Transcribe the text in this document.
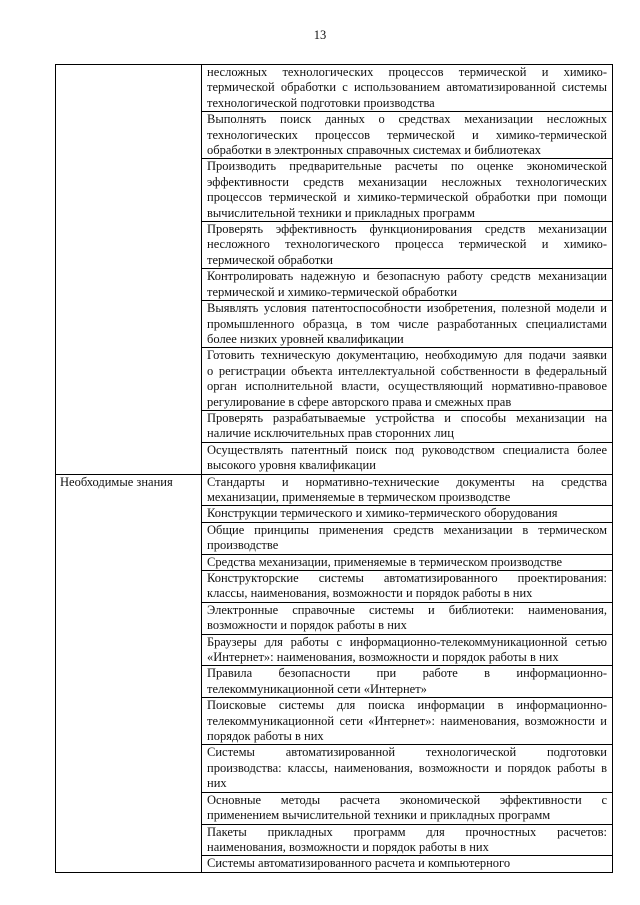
13

	несложных технологических процессов термической и химико-
термической обработки с использованием автоматизированной системы
технологической подготовки производства

	Выполнять поиск данных о средствах механизации несложных
технологических процессов термической и химико-термической
обработки в электронных справочных системах и библиотеках

	Производить предварительные расчеты по оценке экономической
эффективности средств механизации несложных технологических
процессов термической и химико-термической обработки при помощи
вычислительной техники и прикладных программ

	Проверять эффективность функционирования средств механизации
несложного технологического процесса термической и химико-
термической обработки

	Контролировать надежную и безопасную работу средств механизации
термической и химико-термической обработки

	Выявлять условия патентоспособности изобретения, полезной модели и
промышленного образца, в том числе разработанных специалистами
более низких уровней квалификации

	Готовить техническую документацию, необходимую для подачи заявки
о регистрации объекта интеллектуальной собственности в федеральный
орган исполнительной власти, осуществляющий нормативно-правовое
регулирование в сфере авторского права и смежных прав

	Проверять разрабатываемые устройства и способы механизации на
наличие исключительных прав сторонних лиц

	Осуществлять патентный поиск под руководством специалиста более
высокого уровня квалификации

Необходимые знания	Стандарты и нормативно-технические документы на средства
механизации, применяемые в термическом производстве

	Конструкции термического и химико-термического оборудования

	Общие принципы применения средств механизации в термическом
производстве

	Средства механизации, применяемые в термическом производстве

	Конструкторские системы автоматизированного проектирования:
классы, наименования, возможности и порядок работы в них

	Электронные справочные системы и библиотеки: наименования,
возможности и порядок работы в них

	Браузеры для работы с информационно-телекоммуникационной сетью
«Интернет»: наименования, возможности и порядок работы в них

	Правила безопасности при работе в информационно-
телекоммуникационной сети «Интернет»

	Поисковые системы для поиска информации в информационно-
телекоммуникационной сети «Интернет»: наименования, возможности и
порядок работы в них

	Системы автоматизированной технологической подготовки
производства: классы, наименования, возможности и порядок работы в
них

	Основные методы расчета экономической эффективности с
применением вычислительной техники и прикладных программ

	Пакеты прикладных программ для прочностных расчетов:
наименования, возможности и порядок работы в них

	Системы автоматизированного расчета и компьютерного
